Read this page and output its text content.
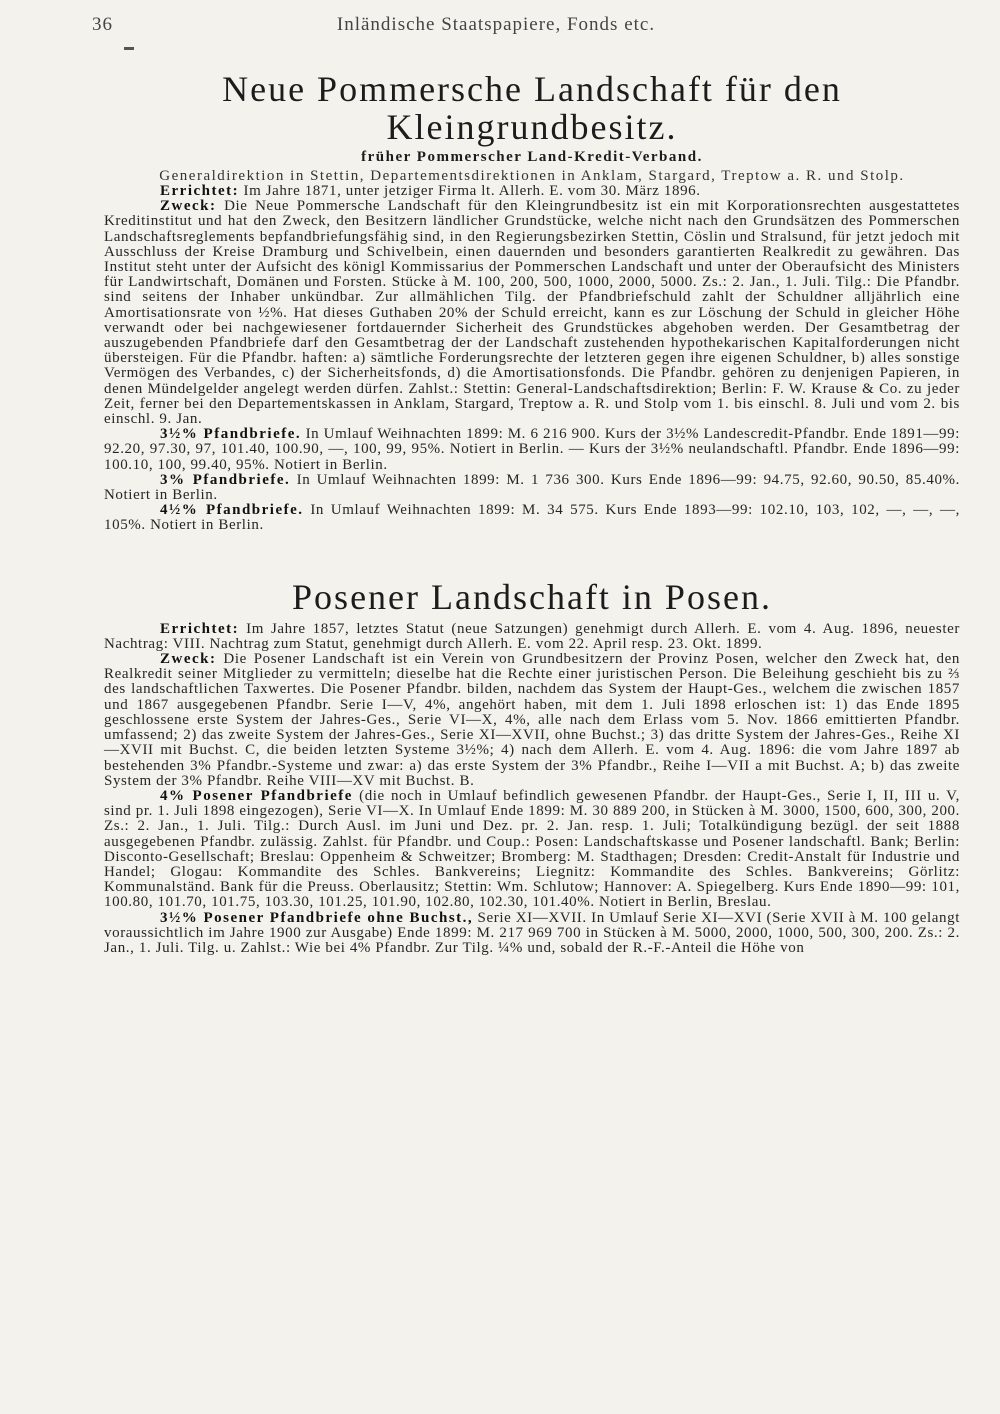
36	Inländische Staatspapiere, Fonds etc.
Neue Pommersche Landschaft für den Kleingrundbesitz.
früher Pommerscher Land-Kredit-Verband.
Generaldirektion in Stettin, Departementsdirektionen in Anklam, Stargard, Treptow a. R. und Stolp.

Errichtet: Im Jahre 1871, unter jetziger Firma lt. Allerh. E. vom 30. März 1896.

Zweck: Die Neue Pommersche Landschaft für den Kleingrundbesitz ist ein mit Korporationsrechten ausgestattetes Kreditinstitut und hat den Zweck, den Besitzern ländlicher Grundstücke, welche nicht nach den Grundsätzen des Pommerschen Landschaftsreglements bepfandbriefungsfähig sind, in den Regierungsbezirken Stettin, Cöslin und Stralsund, für jetzt jedoch mit Ausschluss der Kreise Dramburg und Schivelbein, einen dauernden und besonders garantierten Realkredit zu gewähren. Das Institut steht unter der Aufsicht des königl Kommissarius der Pommerschen Landschaft und unter der Oberaufsicht des Ministers für Landwirtschaft, Domänen und Forsten. Stücke à M. 100, 200, 500, 1000, 2000, 5000. Zs.: 2. Jan., 1. Juli. Tilg.: Die Pfandbr. sind seitens der Inhaber unkündbar. Zur allmählichen Tilg. der Pfandbriefschuld zahlt der Schuldner alljährlich eine Amortisationsrate von ½%. Hat dieses Guthaben 20% der Schuld erreicht, kann es zur Löschung der Schuld in gleicher Höhe verwandt oder bei nachgewiesener fortdauernder Sicherheit des Grundstückes abgehoben werden. Der Gesamtbetrag der auszugebenden Pfandbriefe darf den Gesamtbetrag der der Landschaft zustehenden hypothekarischen Kapitalforderungen nicht übersteigen. Für die Pfandbr. haften: a) sämtliche Forderungsrechte der letzteren gegen ihre eigenen Schuldner, b) alles sonstige Vermögen des Verbandes, c) der Sicherheitsfonds, d) die Amortisationsfonds. Die Pfandbr. gehören zu denjenigen Papieren, in denen Mündelgelder angelegt werden dürfen. Zahlst.: Stettin: General-Landschaftsdirektion; Berlin: F. W. Krause & Co. zu jeder Zeit, ferner bei den Departementskassen in Anklam, Stargard, Treptow a. R. und Stolp vom 1. bis einschl. 8. Juli und vom 2. bis einschl. 9. Jan.

3½% Pfandbriefe. In Umlauf Weihnachten 1899: M. 6 216 900. Kurs der 3½% Landescredit-Pfandbr. Ende 1891—99: 92.20, 97.30, 97, 101.40, 100.90, —, 100, 99, 95%. Notiert in Berlin. — Kurs der 3½% neulandschaftl. Pfandbr. Ende 1896—99: 100.10, 100, 99.40, 95%. Notiert in Berlin.

3% Pfandbriefe. In Umlauf Weihnachten 1899: M. 1 736 300. Kurs Ende 1896—99: 94.75, 92.60, 90.50, 85.40%. Notiert in Berlin.

4½% Pfandbriefe. In Umlauf Weihnachten 1899: M. 34 575. Kurs Ende 1893—99: 102.10, 103, 102, —, —, —, 105%. Notiert in Berlin.

Posener Landschaft in Posen.

Errichtet: Im Jahre 1857, letztes Statut (neue Satzungen) genehmigt durch Allerh. E. vom 4. Aug. 1896, neuester Nachtrag: VIII. Nachtrag zum Statut, genehmigt durch Allerh. E. vom 22. April resp. 23. Okt. 1899.

Zweck: Die Posener Landschaft ist ein Verein von Grundbesitzern der Provinz Posen, welcher den Zweck hat, den Realkredit seiner Mitglieder zu vermitteln; dieselbe hat die Rechte einer juristischen Person. Die Beleihung geschieht bis zu ⅔ des landschaftlichen Taxwertes. Die Posener Pfandbr. bilden, nachdem das System der Haupt-Ges., welchem die zwischen 1857 und 1867 ausgegebenen Pfandbr. Serie I—V, 4%, angehört haben, mit dem 1. Juli 1898 erloschen ist: 1) das Ende 1895 geschlossene erste System der Jahres-Ges., Serie VI—X, 4%, alle nach dem Erlass vom 5. Nov. 1866 emittierten Pfandbr. umfassend; 2) das zweite System der Jahres-Ges., Serie XI—XVII, ohne Buchst.; 3) das dritte System der Jahres-Ges., Reihe XI—XVII mit Buchst. C, die beiden letzten Systeme 3½%; 4) nach dem Allerh. E. vom 4. Aug. 1896: die vom Jahre 1897 ab bestehenden 3% Pfandbr.-Systeme und zwar: a) das erste System der 3% Pfandbr., Reihe I—VII a mit Buchst. A; b) das zweite System der 3% Pfandbr. Reihe VIII—XV mit Buchst. B.

4% Posener Pfandbriefe (die noch in Umlauf befindlich gewesenen Pfandbr. der Haupt-Ges., Serie I, II, III u. V, sind pr. 1. Juli 1898 eingezogen), Serie VI—X. In Umlauf Ende 1899: M. 30 889 200, in Stücken à M. 3000, 1500, 600, 300, 200. Zs.: 2. Jan., 1. Juli. Tilg.: Durch Ausl. im Juni und Dez. pr. 2. Jan. resp. 1. Juli; Totalkündigung bezügl. der seit 1888 ausgegebenen Pfandbr. zulässig. Zahlst. für Pfandbr. und Coup.: Posen: Landschaftskasse und Posener landschaftl. Bank; Berlin: Disconto-Gesellschaft; Breslau: Oppenheim & Schweitzer; Bromberg: M. Stadthagen; Dresden: Credit-Anstalt für Industrie und Handel; Glogau: Kommandite des Schles. Bankvereins; Liegnitz: Kommandite des Schles. Bankvereins; Görlitz: Kommunalständ. Bank für die Preuss. Oberlausitz; Stettin: Wm. Schlutow; Hannover: A. Spiegelberg. Kurs Ende 1890—99: 101, 100.80, 101.70, 101.75, 103.30, 101.25, 101.90, 102.80, 102.30, 101.40%. Notiert in Berlin, Breslau.

3½% Posener Pfandbriefe ohne Buchst., Serie XI—XVII. In Umlauf Serie XI—XVI (Serie XVII à M. 100 gelangt voraussichtlich im Jahre 1900 zur Ausgabe) Ende 1899: M. 217 969 700 in Stücken à M. 5000, 2000, 1000, 500, 300, 200. Zs.: 2. Jan., 1. Juli. Tilg. u. Zahlst.: Wie bei 4% Pfandbr. Zur Tilg. ¼% und, sobald der R.-F.-Anteil die Höhe von
